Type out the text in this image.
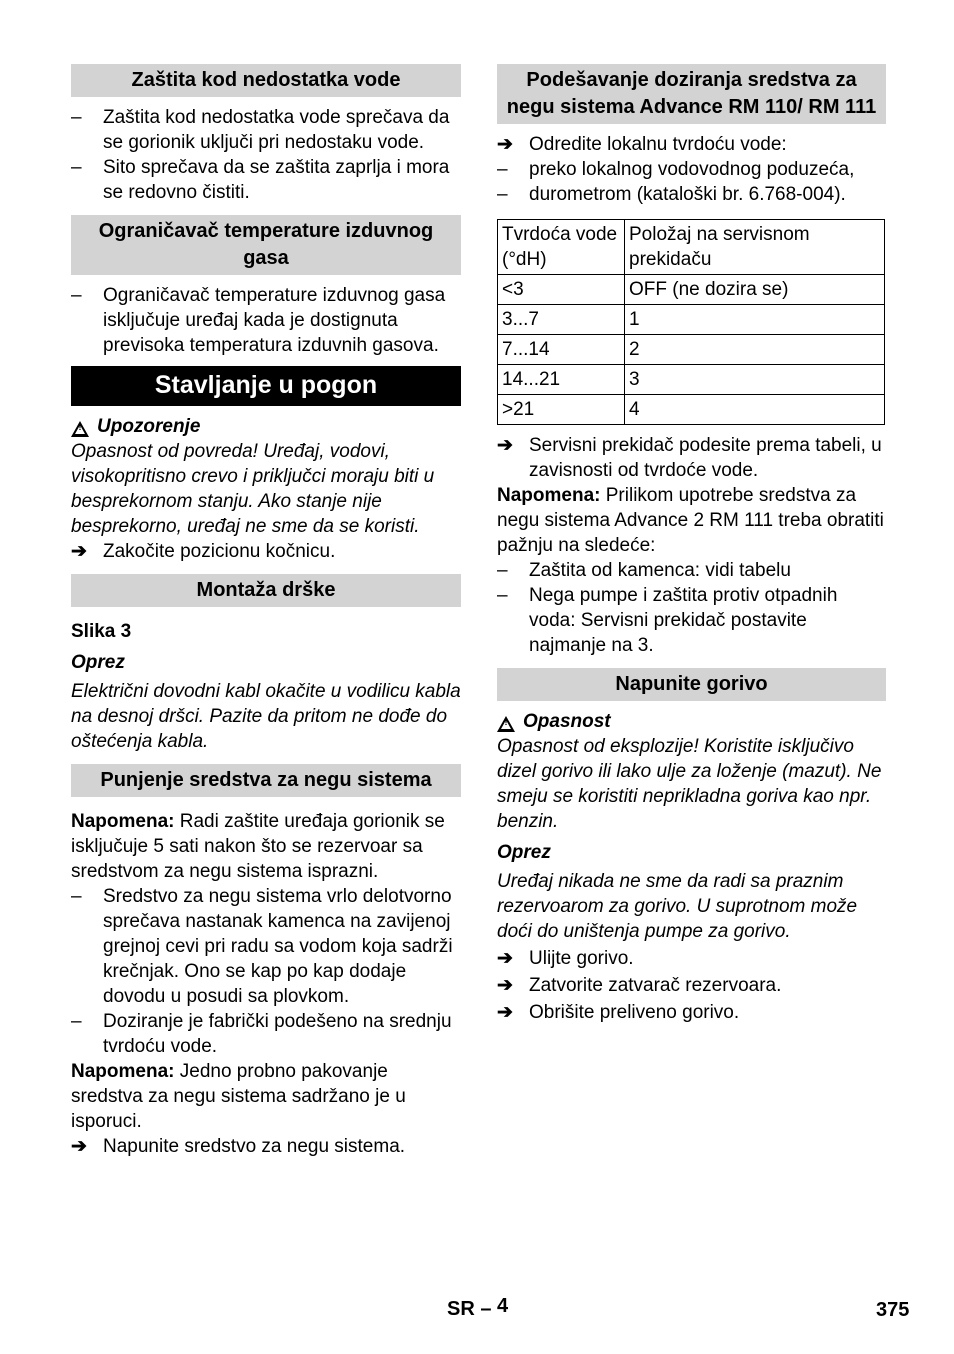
Zaštita kod nedostatka vode
– Zaštita kod nedostatka vode sprečava da se gorionik uključi pri nedostaku vode.
– Sito sprečava da se zaštita zaprlja i mora se redovno čistiti.
Ograničavač temperature izduvnog gasa
– Ograničavač temperature izduvnog gasa isključuje uređaj kada je dostignuta previsoka temperatura izduvnih gasova.
Stavljanje u pogon
! Upozorenje
Opasnost od povreda! Uređaj, vodovi, visokopritisno crevo i priključci moraju biti u besprekornom stanju. Ako stanje nije besprekorno, uređaj ne sme da se koristi.
➔ Zakočite pozicionu kočnicu.
Montaža drške
Slika 3
Oprez
Električni dovodni kabl okačite u vodilicu kabla na desnoj dršci. Pazite da pritom ne dođe do oštećenja kabla.
Punjenje sredstva za negu sistema
Napomena: Radi zaštite uređaja gorionik se isključuje 5 sati nakon što se rezervoar sa sredstvom za negu sistema isprazni.
– Sredstvo za negu sistema vrlo delotvorno sprečava nastanak kamenca na zavijenoj grejnoj cevi pri radu sa vodom koja sadrži krečnjak. Ono se kap po kap dodaje dovodu u posudi sa plovkom.
– Doziranje je fabrički podešeno na srednju tvrdoću vode.
Napomena: Jedno probno pakovanje sredstva za negu sistema sadržano je u isporuci.
➔ Napunite sredstvo za negu sistema.
Podešavanje doziranja sredstva za negu sistema Advance RM 110/ RM 111
➔ Odredite lokalnu tvrdoću vode:
– preko lokalnog vodovodnog poduzeća,
– durometrom (kataloški br. 6.768-004).
Tvrdoća vode (°dH)	Položaj na servisnom prekidaču
<3	OFF (ne dozira se)
3...7	1
7...14	2
14...21	3
>21	4
➔ Servisni prekidač podesite prema tabeli, u zavisnosti od tvrdoće vode.
Napomena: Prilikom upotrebe sredstva za negu sistema Advance 2 RM 111 treba obratiti pažnju na sledeće:
– Zaštita od kamenca: vidi tabelu
– Nega pumpe i zaštita protiv otpadnih voda: Servisni prekidač postavite najmanje na 3.
Napunite gorivo
! Opasnost
Opasnost od eksplozije! Koristite isključivo dizel gorivo ili lako ulje za loženje (mazut). Ne smeju se koristiti neprikladna goriva kao npr. benzin.
Oprez
Uređaj nikada ne sme da radi sa praznim rezervoarom za gorivo. U suprotnom može doći do uništenja pumpe za gorivo.
➔ Ulijte gorivo.
➔ Zatvorite zatvarač rezervoara.
➔ Obrišite preliveno gorivo.
SR – 4	375
